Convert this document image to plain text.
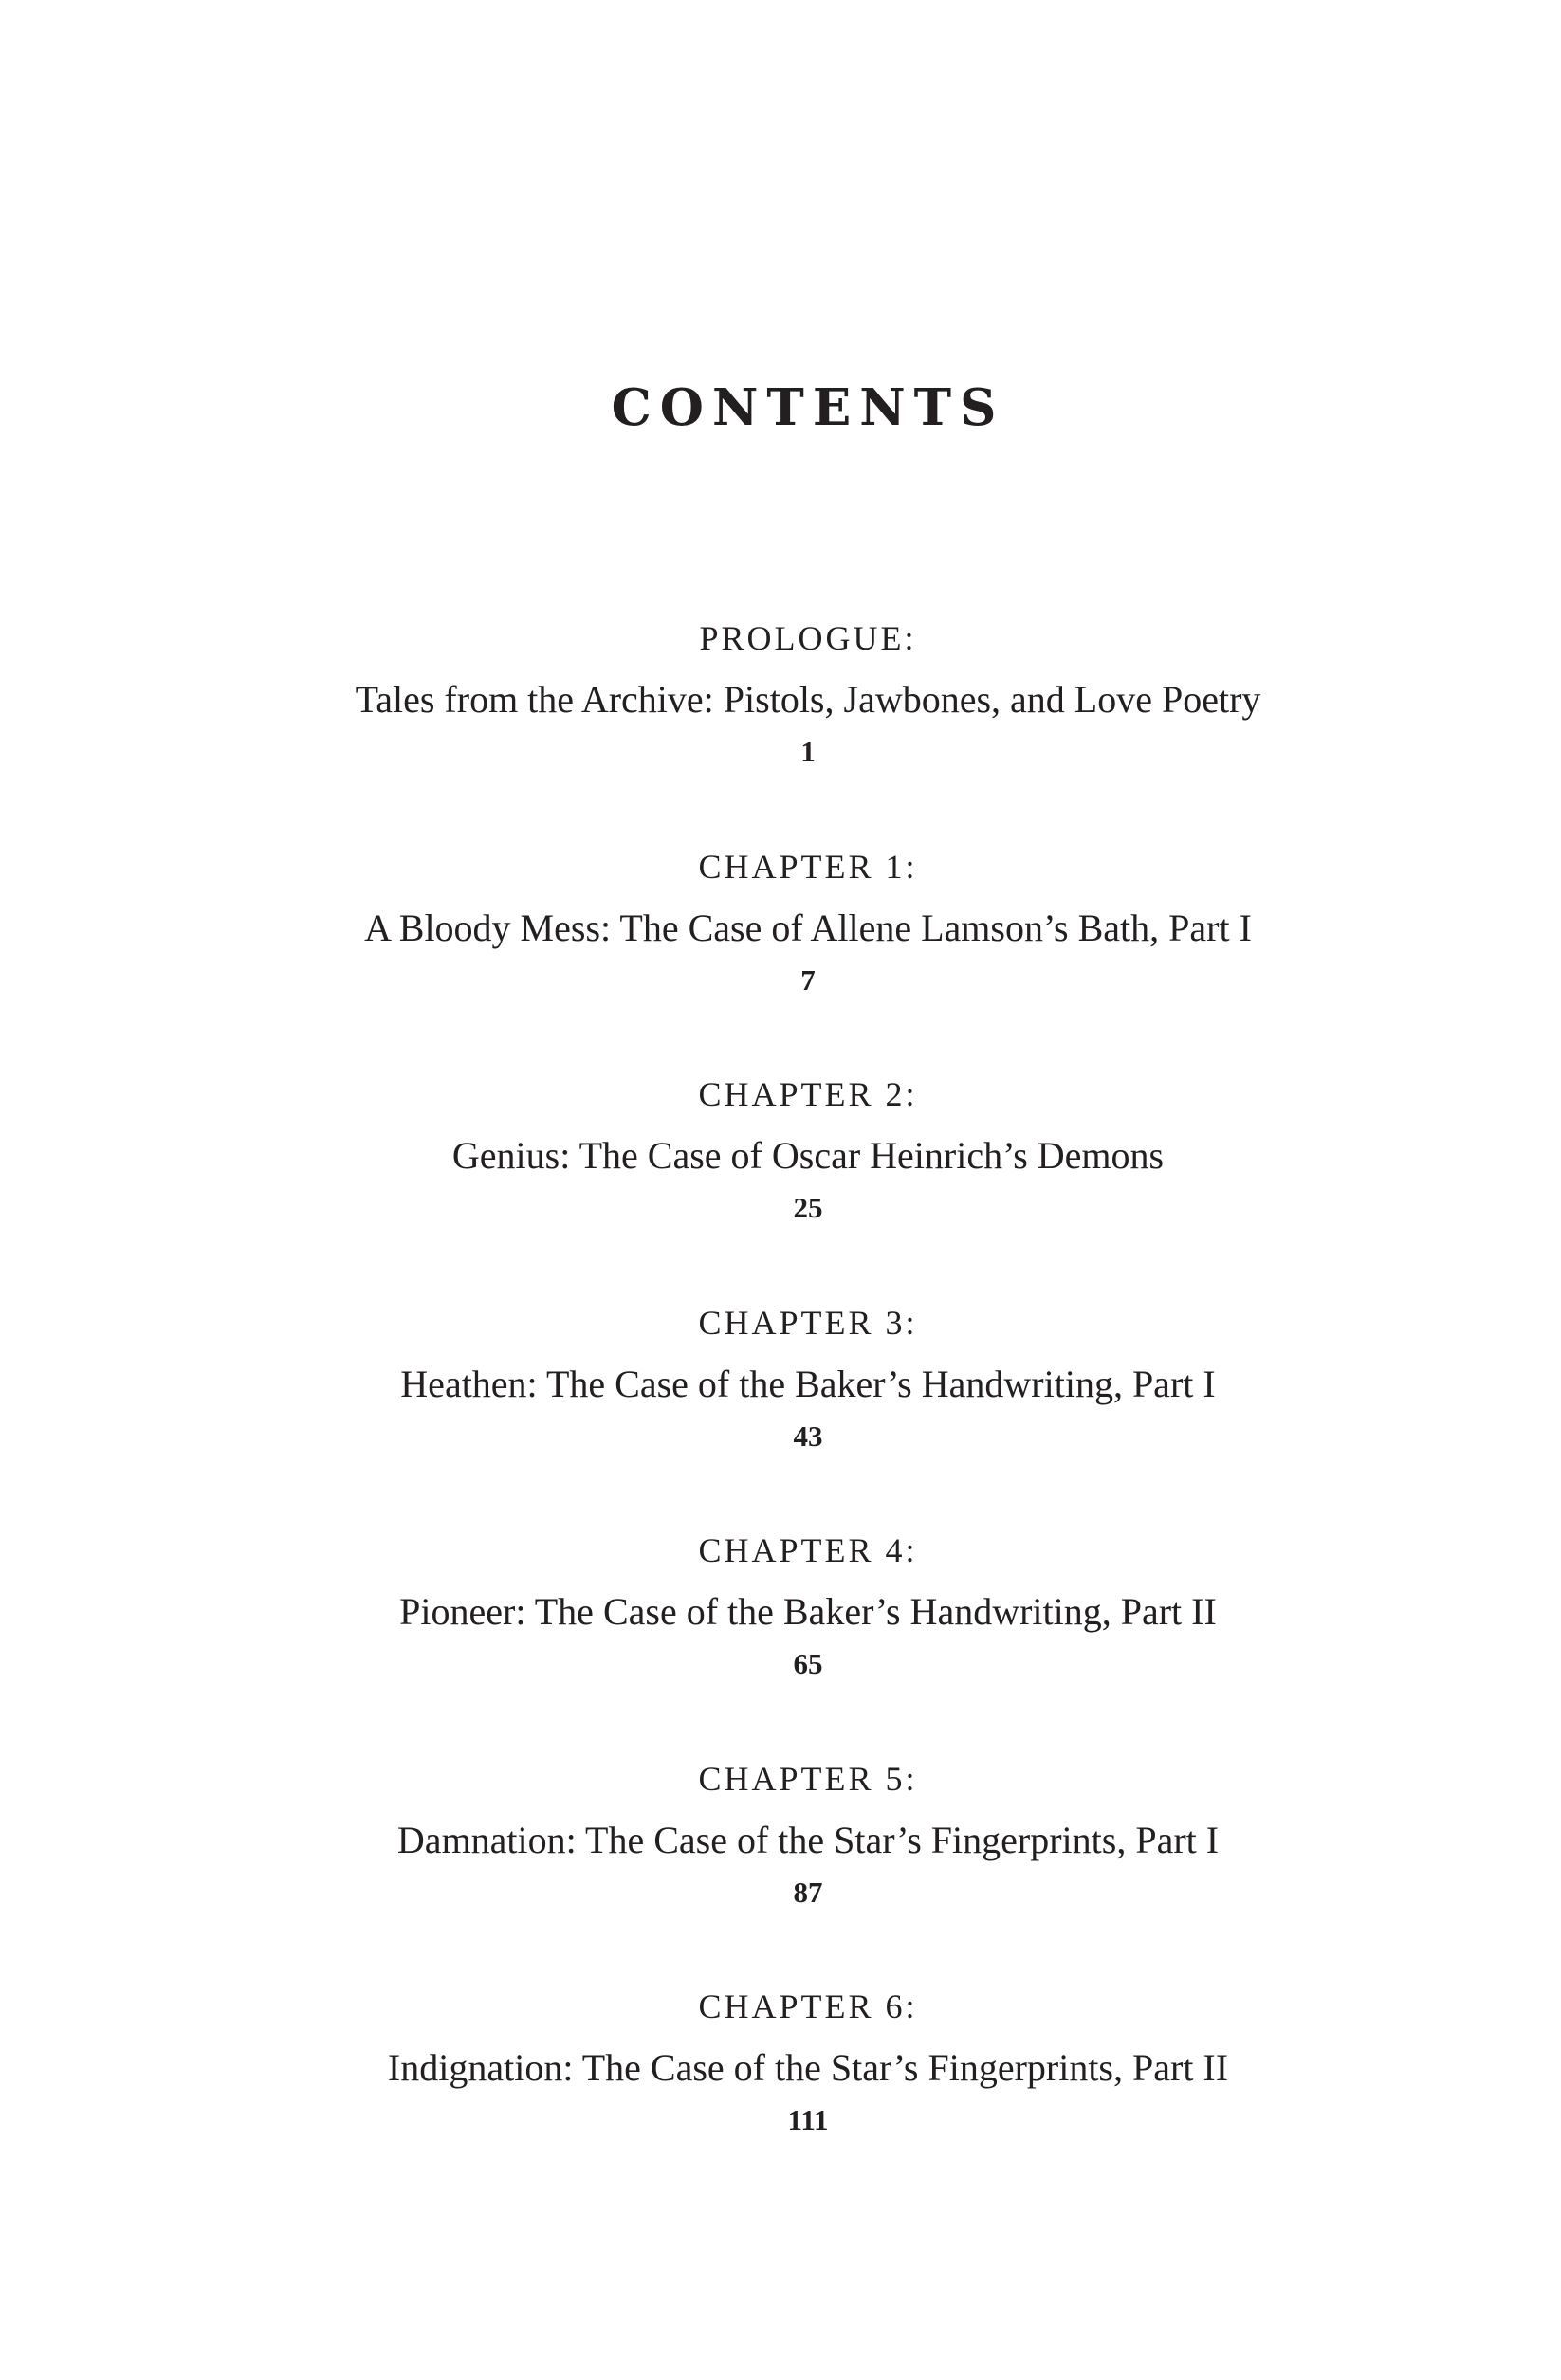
CONTENTS
PROLOGUE:
Tales from the Archive: Pistols, Jawbones, and Love Poetry
1
CHAPTER 1:
A Bloody Mess: The Case of Allene Lamson’s Bath, Part I
7
CHAPTER 2:
Genius: The Case of Oscar Heinrich’s Demons
25
CHAPTER 3:
Heathen: The Case of the Baker’s Handwriting, Part I
43
CHAPTER 4:
Pioneer: The Case of the Baker’s Handwriting, Part II
65
CHAPTER 5:
Damnation: The Case of the Star’s Fingerprints, Part I
87
CHAPTER 6:
Indignation: The Case of the Star’s Fingerprints, Part II
111
